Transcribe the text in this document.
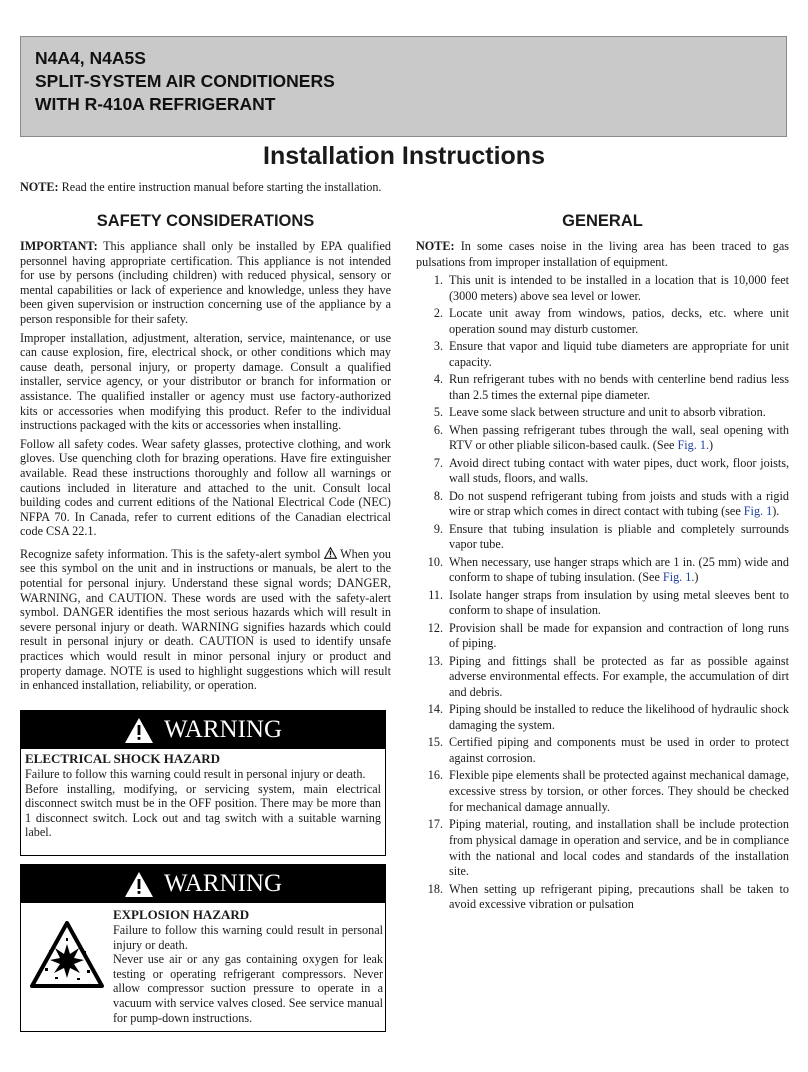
N4A4, N4A5S
SPLIT-SYSTEM AIR CONDITIONERS
WITH R-410A REFRIGERANT
Installation Instructions
NOTE: Read the entire instruction manual before starting the installation.
SAFETY CONSIDERATIONS

IMPORTANT: This appliance shall only be installed by EPA qualified personnel having appropriate certification. This appliance is not intended for use by persons (including children) with reduced physical, sensory or mental capabilities or lack of experience and knowledge, unless they have been given supervision or instruction concerning use of the appliance by a person responsible for their safety.

Improper installation, adjustment, alteration, service, maintenance, or use can cause explosion, fire, electrical shock, or other conditions which may cause death, personal injury, or property damage. Consult a qualified installer, service agency, or your distributor or branch for information or assistance. The qualified installer or agency must use factory-authorized kits or accessories when modifying this product. Refer to the individual instructions packaged with the kits or accessories when installing.

Follow all safety codes. Wear safety glasses, protective clothing, and work gloves. Use quenching cloth for brazing operations. Have fire extinguisher available. Read these instructions thoroughly and follow all warnings or cautions included in literature and attached to the unit. Consult local building codes and current editions of the National Electrical Code (NEC) NFPA 70. In Canada, refer to current editions of the Canadian electrical code CSA 22.1.

Recognize safety information. This is the safety-alert symbol  When you see this symbol on the unit and in instructions or manuals, be alert to the potential for personal injury. Understand these signal words; DANGER, WARNING, and CAUTION. These words are used with the safety-alert symbol. DANGER identifies the most serious hazards which will result in severe personal injury or death. WARNING signifies hazards which could result in personal injury or death. CAUTION is used to identify unsafe practices which would result in minor personal injury or product and property damage. NOTE is used to highlight suggestions which will result in enhanced installation, reliability, or operation.

WARNING
ELECTRICAL SHOCK HAZARD

Failure to follow this warning could result in personal injury or death.

Before installing, modifying, or servicing system, main electrical disconnect switch must be in the OFF position. There may be more than 1 disconnect switch. Lock out and tag switch with a suitable warning label.

WARNING
EXPLOSION HAZARD

Failure to follow this warning could result in personal injury or death.

Never use air or any gas containing oxygen for leak testing or operating refrigerant compressors. Never allow compressor suction pressure to operate in a vacuum with service valves closed. See service manual for pump-down instructions.

GENERAL

NOTE: In some cases noise in the living area has been traced to gas pulsations from improper installation of equipment.

1. This unit is intended to be installed in a location that is 10,000 feet (3000 meters) above sea level or lower.
2. Locate unit away from windows, patios, decks, etc. where unit operation sound may disturb customer.
3. Ensure that vapor and liquid tube diameters are appropriate for unit capacity.
4. Run refrigerant tubes with no bends with centerline bend radius less than 2.5 times the external pipe diameter.
5. Leave some slack between structure and unit to absorb vibration.
6. When passing refrigerant tubes through the wall, seal opening with RTV or other pliable silicon-based caulk. (See Fig. 1.)
7. Avoid direct tubing contact with water pipes, duct work, floor joists, wall studs, floors, and walls.
8. Do not suspend refrigerant tubing from joists and studs with a rigid wire or strap which comes in direct contact with tubing (see Fig. 1).
9. Ensure that tubing insulation is pliable and completely surrounds vapor tube.
10. When necessary, use hanger straps which are 1 in. (25 mm) wide and conform to shape of tubing insulation. (See Fig. 1.)
11. Isolate hanger straps from insulation by using metal sleeves bent to conform to shape of insulation.
12. Provision shall be made for expansion and contraction of long runs of piping.
13. Piping and fittings shall be protected as far as possible against adverse environmental effects. For example, the accumulation of dirt and debris.
14. Piping should be installed to reduce the likelihood of hydraulic shock damaging the system.
15. Certified piping and components must be used in order to protect against corrosion.
16. Flexible pipe elements shall be protected against mechanical damage, excessive stress by torsion, or other forces. They should be checked for mechanical damage annually.
17. Piping material, routing, and installation shall be include protection from physical damage in operation and service, and be in compliance with the national and local codes and standards of the installation site.
18. When setting up refrigerant piping, precautions shall be taken to avoid excessive vibration or pulsation
